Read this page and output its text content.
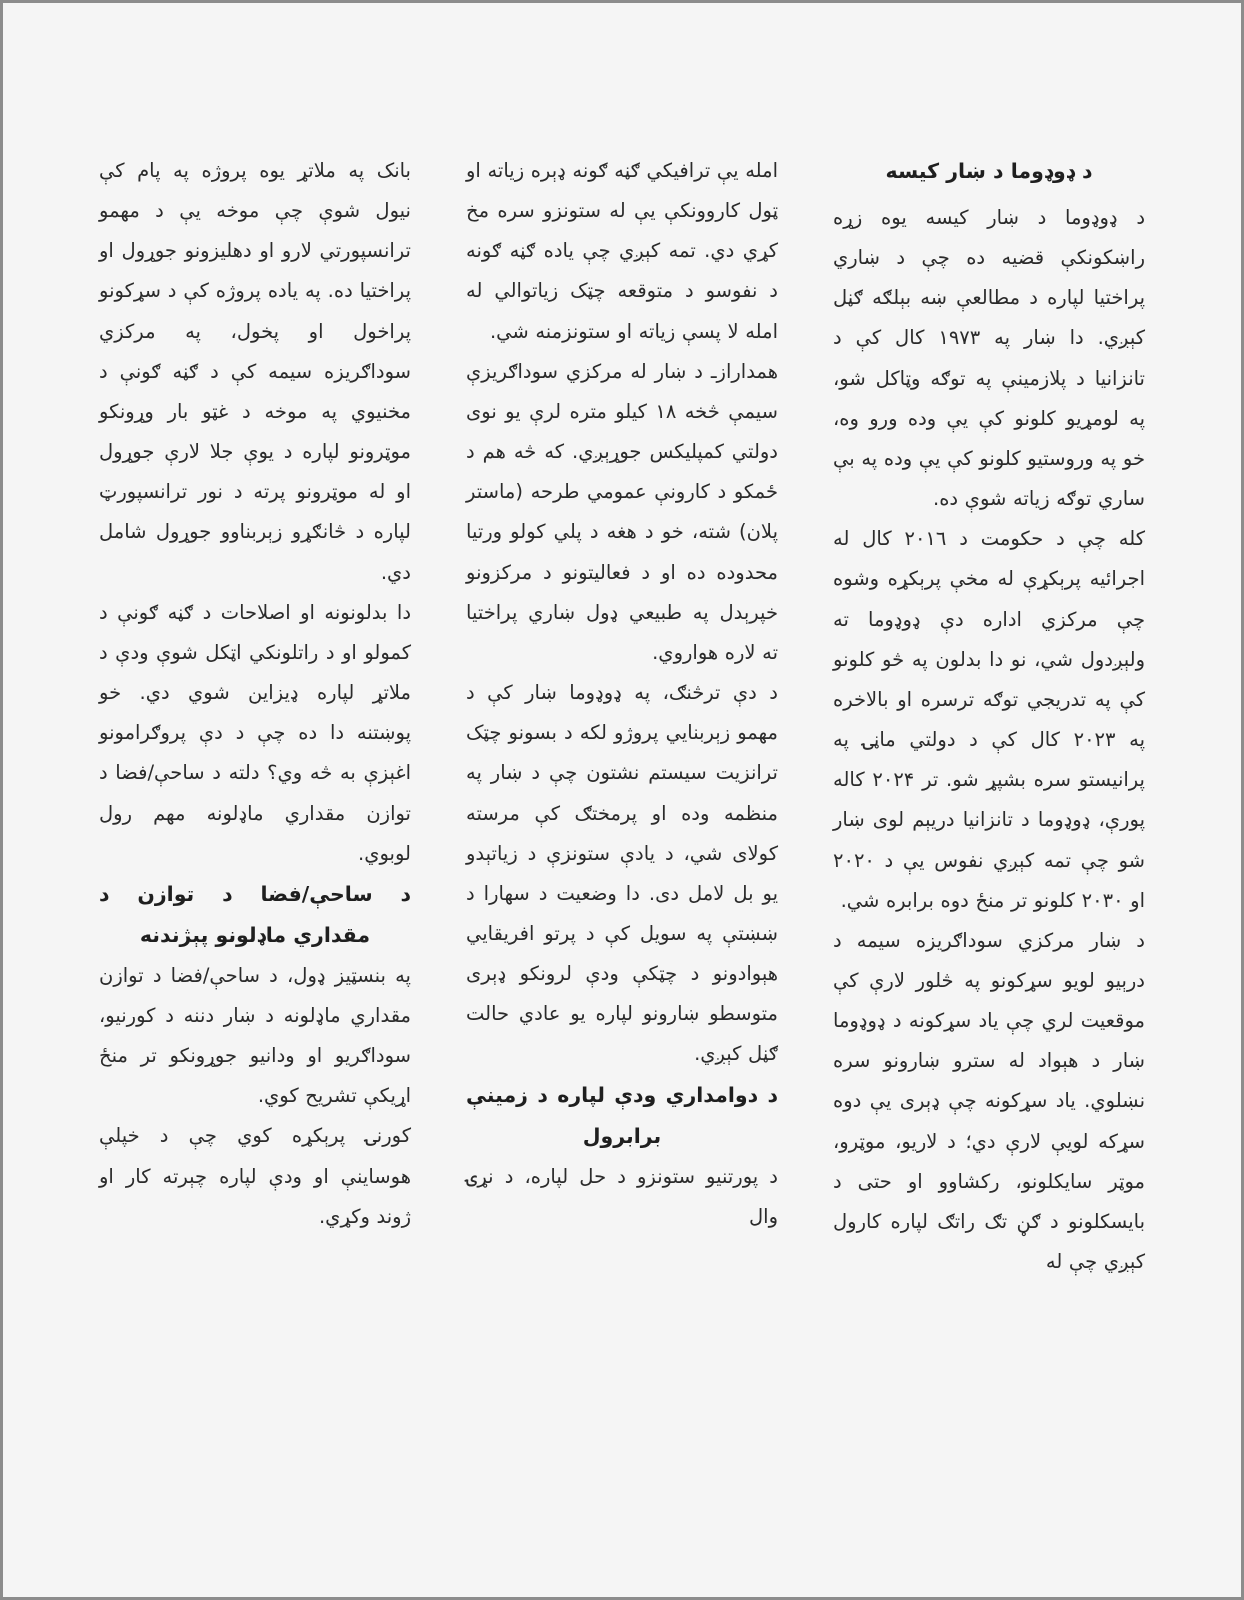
د ډوډوما د ښار کیسه

د ډوډوما د ښار کیسه یوه زړه راښکونکې قضیه ده چې د ښاري پراختیا لپاره د مطالعې ښه بېلګه ګڼل کېږي. دا ښار په ۱۹۷۳ کال کې د تانزانیا د پلازمینې په توګه وټاکل شو، په لومړیو کلونو کې یې وده ورو وه، خو په وروستیو کلونو کې یې وده په بې ساري توګه زیاته شوې ده.

کله چې د حکومت د ۲۰۱٦ کال له اجرائیه پرېکړې له مخې پرېکړه وشوه چې مرکزي اداره دې ډوډوما ته ولېږدول شي، نو دا بدلون په څو کلونو کې په تدریجي توګه ترسره او بالاخره په ۲۰۲۳ کال کې د دولتي ماڼۍ په پرانیستو سره بشپړ شو. تر ۲۰۲۴ کاله پورې، ډوډوما د تانزانیا دریېم لوی ښار شو چې تمه کېږي نفوس یې د ۲۰۲۰ او ۲۰۳۰ کلونو تر منځ دوه برابره شي.

د ښار مرکزي سوداګریزه سیمه د درېیو لویو سړکونو په څلور لارې کې موقعیت لري چې یاد سړکونه د ډوډوما ښار د هېواد له سترو ښارونو سره نښلوي. یاد سړکونه چې ډېری یې دوه سړکه لویې لارې دي؛ د لاریو، موټرو، موټر سایکلونو، رکشاوو او حتی د بایسکلونو د ګڼ تګ راتګ لپاره کارول کېږي چې له

امله یې ترافیکي ګڼه ګونه ډېره زیاته او ټول کاروونکې یې له ستونزو سره مخ کړي دي. تمه کېږي چې یاده ګڼه ګونه د نفوسو د متوقعه چټک زیاتوالي له امله لا پسې زیاته او ستونزمنه شي.

همدارازـ د ښار له مرکزي سوداګریزې سیمې څخه ۱۸ کیلو متره لرې یو نوی دولتي کمپلیکس جوړېږي. که څه هم د ځمکو د کارونې عمومي طرحه (ماستر پلان) شته، خو د هغه د پلي کولو ورتیا محدوده ده او د فعالیتونو د مرکزونو خپرېدل په طبیعي ډول ښاري پراختیا ته لاره هواروي.

د دې ترڅنګ، په ډوډوما ښار کې د مهمو زېربنایي پروژو لکه د بسونو چټک ترانزیت سیستم نشتون چې د ښار په منظمه وده او پرمختګ کې مرسته کولای شي، د یادې ستونزې د زیاتېدو یو بل لامل دی. دا وضعیت د سهارا د ښښتې په سویل کې د پرتو افریقایي هېوادونو د چټکې ودې لرونکو ډېری متوسطو ښارونو لپاره یو عادي حالت ګڼل کېږي.

د دوامداري ودې لپاره د زمینې برابرول

د پورتنیو ستونزو د حل لپاره، د نړۍ وال

بانک په ملاتړ یوه پروژه په پام کې نیول شوې چې موخه یې د مهمو ترانسپورتي لارو او دهلیزونو جوړول او پراختیا ده. په یاده پروژه کې د سړکونو پراخول او پخول، په مرکزي سوداګریزه سیمه کې د ګڼه ګونې د مخنیوي په موخه د غټو بار وړونکو موټرونو لپاره د یوې جلا لارې جوړول او له موټرونو پرته د نور ترانسپورټ لپاره د څانګړو زېربناوو جوړول شامل دي.

دا بدلونونه او اصلاحات د ګڼه ګونې د کمولو او د راتلونکي اټکل شوې ودې د ملاتړ لپاره ډیزاین شوي دي. خو پوښتنه دا ده چې د دې پروګرامونو اغېزې به څه وي؟ دلته د ساحې/فضا د توازن مقداري ماډلونه مهم رول لوبوي.

د ساحې/فضا د توازن د مقداري ماډلونو پېژندنه

په بنسټیز ډول، د ساحې/فضا د توازن مقداري ماډلونه د ښار دننه د کورنیو، سوداګریو او ودانیو جوړونکو تر منځ اړیکې تشریح کوي.

کورنۍ پرېکړه کوي چې د خپلې هوساینې او ودې لپاره چېرته کار او ژوند وکړي.
